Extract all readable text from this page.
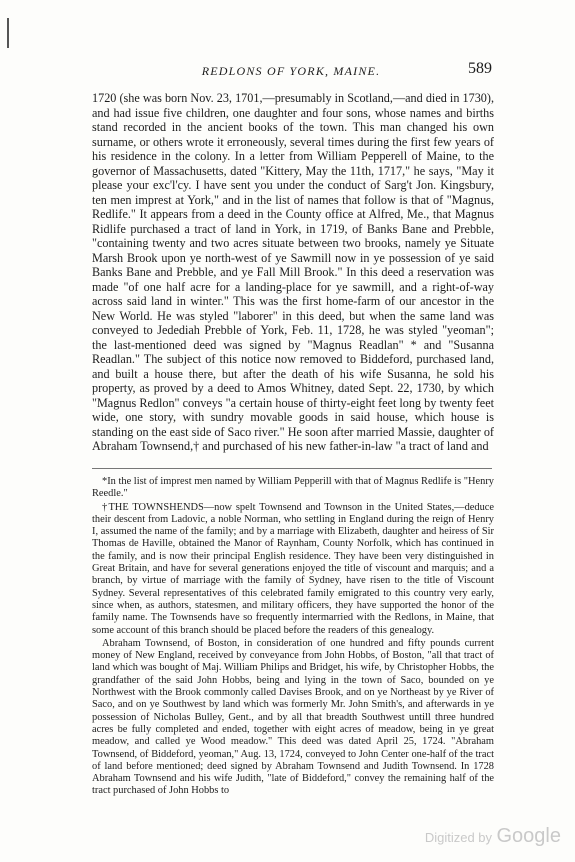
REDLONS OF YORK, MAINE.	589

1720 (she was born Nov. 23, 1701,—presumably in Scotland,—and died in 1730), and had issue five children, one daughter and four sons, whose names and births stand recorded in the ancient books of the town. This man changed his own surname, or others wrote it erroneously, several times during the first few years of his residence in the colony. In a letter from William Pepperell of Maine, to the governor of Massachusetts, dated "Kittery, May the 11th, 1717," he says, "May it please your exc'l'cy. I have sent you under the conduct of Sarg't Jon. Kingsbury, ten men imprest at York," and in the list of names that follow is that of "Magnus, Redlife." It appears from a deed in the County office at Alfred, Me., that Magnus Ridlife purchased a tract of land in York, in 1719, of Banks Bane and Prebble, "containing twenty and two acres situate between two brooks, namely ye Situate Marsh Brook upon ye north-west of ye Sawmill now in ye possession of ye said Banks Bane and Prebble, and ye Fall Mill Brook." In this deed a reservation was made "of one half acre for a landing-place for ye sawmill, and a right-of-way across said land in winter." This was the first home-farm of our ancestor in the New World. He was styled "laborer" in this deed, but when the same land was conveyed to Jedediah Prebble of York, Feb. 11, 1728, he was styled "yeoman"; the last-mentioned deed was signed by "Magnus Readlan" * and "Susanna Readlan." The subject of this notice now removed to Biddeford, purchased land, and built a house there, but after the death of his wife Susanna, he sold his property, as proved by a deed to Amos Whitney, dated Sept. 22, 1730, by which "Magnus Redlon" conveys "a certain house of thirty-eight feet long by twenty feet wide, one story, with sundry movable goods in said house, which house is standing on the east side of Saco river." He soon after married Massie, daughter of Abraham Townsend,† and purchased of his new father-in-law "a tract of land and

*In the list of imprest men named by William Pepperill with that of Magnus Redlife is "Henry Reedle."

†THE TOWNSHENDS—now spelt Townsend and Townson in the United States,—deduce their descent from Ladovic, a noble Norman, who settling in England during the reign of Henry I, assumed the name of the family; and by a marriage with Elizabeth, daughter and heiress of Sir Thomas de Haville, obtained the Manor of Raynham, County Norfolk, which has continued in the family, and is now their principal English residence. They have been very distinguished in Great Britain, and have for several generations enjoyed the title of viscount and marquis; and a branch, by virtue of marriage with the family of Sydney, have risen to the title of Viscount Sydney. Several representatives of this celebrated family emigrated to this country very early, since when, as authors, statesmen, and military officers, they have supported the honor of the family name. The Townsends have so frequently intermarried with the Redlons, in Maine, that some account of this branch should be placed before the readers of this genealogy.

Abraham Townsend, of Boston, in consideration of one hundred and fifty pounds current money of New England, received by conveyance from John Hobbs, of Boston, "all that tract of land which was bought of Maj. William Philips and Bridget, his wife, by Christopher Hobbs, the grandfather of the said John Hobbs, being and lying in the town of Saco, bounded on ye Northwest with the Brook commonly called Davises Brook, and on ye Northeast by ye River of Saco, and on ye Southwest by land which was formerly Mr. John Smith's, and afterwards in ye possession of Nicholas Bulley, Gent., and by all that breadth Southwest untill three hundred acres be fully completed and ended, together with eight acres of meadow, being in ye great meadow, and called ye Wood meadow." This deed was dated April 25, 1724. "Abraham Townsend, of Biddeford, yeoman," Aug. 13, 1724, conveyed to John Center one-half of the tract of land before mentioned; deed signed by Abraham Townsend and Judith Townsend. In 1728 Abraham Townsend and his wife Judith, "late of Biddeford," convey the remaining half of the tract purchased of John Hobbs to

Digitized by Google
